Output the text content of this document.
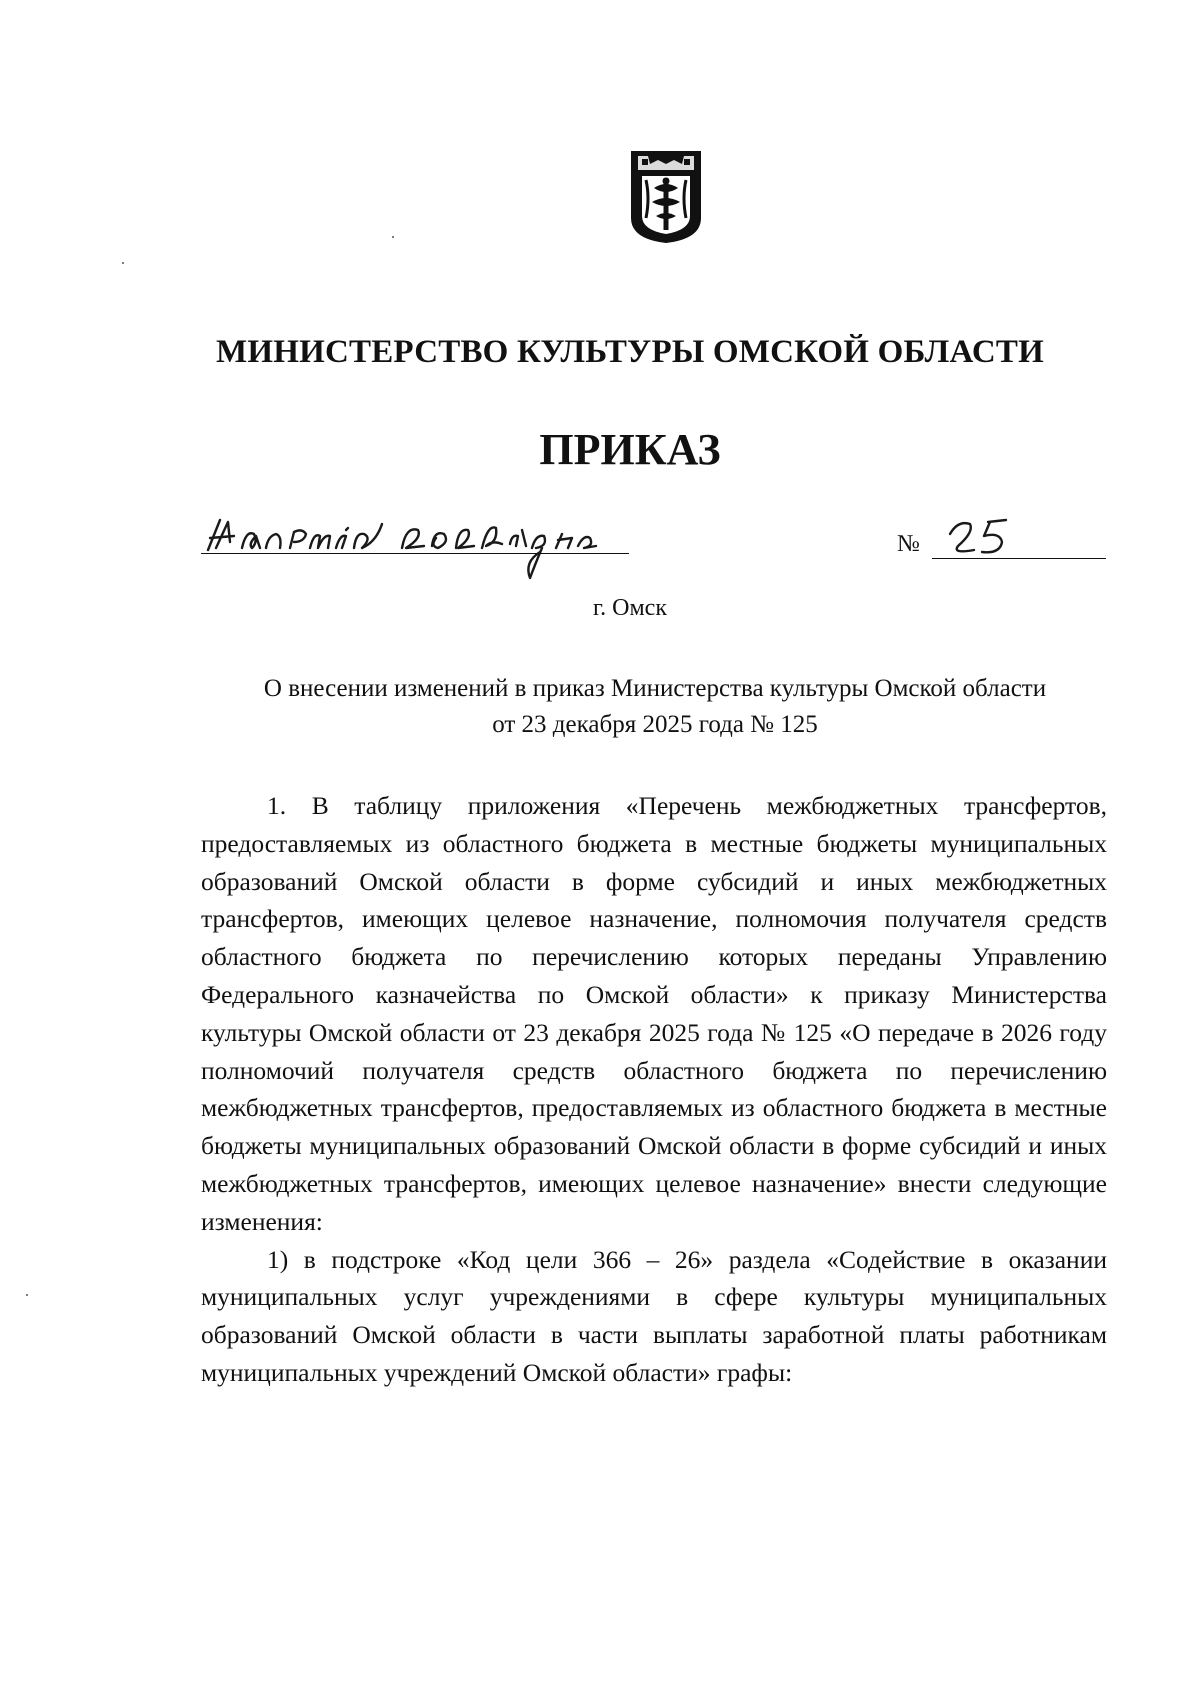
МИНИСТЕРСТВО КУЛЬТУРЫ ОМСКОЙ ОБЛАСТИ
ПРИКАЗ
№
г. Омск
О внесении изменений в приказ Министерства культуры Омской области
от 23 декабря 2025 года № 125

1. В таблицу приложения «Перечень межбюджетных трансфертов, предоставляемых из областного бюджета в местные бюджеты муниципальных образований Омской области в форме субсидий и иных межбюджетных трансфертов, имеющих целевое назначение, полномочия получателя средств областного бюджета по перечислению которых переданы Управлению Федерального казначейства по Омской области» к приказу Министерства культуры Омской области от 23 декабря 2025 года № 125 «О передаче в 2026 году полномочий получателя средств областного бюджета по перечислению межбюджетных трансфертов, предоставляемых из областного бюджета в местные бюджеты муниципальных образований Омской области в форме субсидий и иных межбюджетных трансфертов, имеющих целевое назначение» внести следующие изменения:

1) в подстроке «Код цели 366 – 26» раздела «Содействие в оказании муниципальных услуг учреждениями в сфере культуры муниципальных образований Омской области в части выплаты заработной платы работникам муниципальных учреждений Омской области» графы:
